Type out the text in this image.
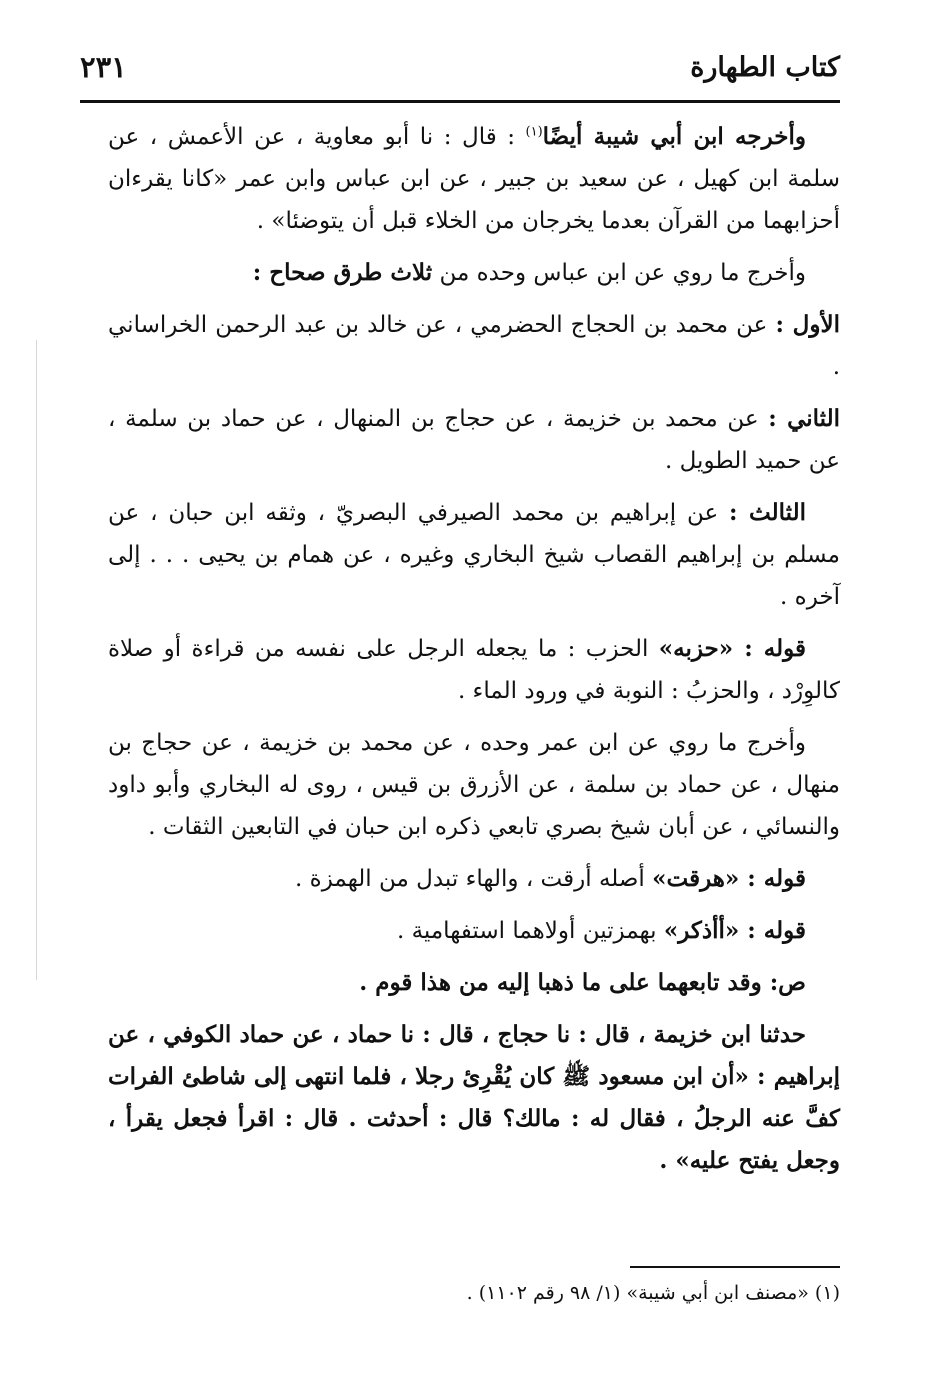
كتاب الطهارة
٢٣١

وأخرجه ابن أبي شيبة أيضًا$^{(١)}$ : قال : نا أبو معاوية ، عن الأعمش ، عن سلمة ابن كهيل ، عن سعيد بن جبير ، عن ابن عباس وابن عمر «كانا يقرءان أحزابهما من القرآن بعدما يخرجان من الخلاء قبل أن يتوضئا» .

وأخرج ما روي عن ابن عباس وحده من ثلاث طرق صحاح :

الأول : عن محمد بن الحجاج الحضرمي ، عن خالد بن عبد الرحمن الخراساني .

الثاني : عن محمد بن خزيمة ، عن حجاج بن المنهال ، عن حماد بن سلمة ، عن حميد الطويل .

الثالث : عن إبراهيم بن محمد الصيرفي البصريّ ، وثقه ابن حبان ، عن مسلم بن إبراهيم القصاب شيخ البخاري وغيره ، عن همام بن يحيى . . . إلى آخره .

قوله : «حزبه» الحزب : ما يجعله الرجل على نفسه من قراءة أو صلاة كالوِرْد ، والحزبُ : النوبة في ورود الماء .

وأخرج ما روي عن ابن عمر وحده ، عن محمد بن خزيمة ، عن حجاج بن منهال ، عن حماد بن سلمة ، عن الأزرق بن قيس ، روى له البخاري وأبو داود والنسائي ، عن أبان شيخ بصري تابعي ذكره ابن حبان في التابعين الثقات .

قوله : «هرقت» أصله أرقت ، والهاء تبدل من الهمزة .

قوله : «أأذكر» بهمزتين أولاهما استفهامية .

ص: وقد تابعهما على ما ذهبا إليه من هذا قوم .

حدثنا ابن خزيمة ، قال : نا حجاج ، قال : نا حماد ، عن حماد الكوفي ، عن إبراهيم : «أن ابن مسعود ﷺ كان يُقْرِئ رجلا ، فلما انتهى إلى شاطئ الفرات كفَّ عنه الرجلُ ، فقال له : مالك؟ قال : أحدثت . قال : اقرأ فجعل يقرأ ، وجعل يفتح عليه» .

(١) «مصنف ابن أبي شيبة» (١/ ٩٨ رقم ١١٠٢) .
